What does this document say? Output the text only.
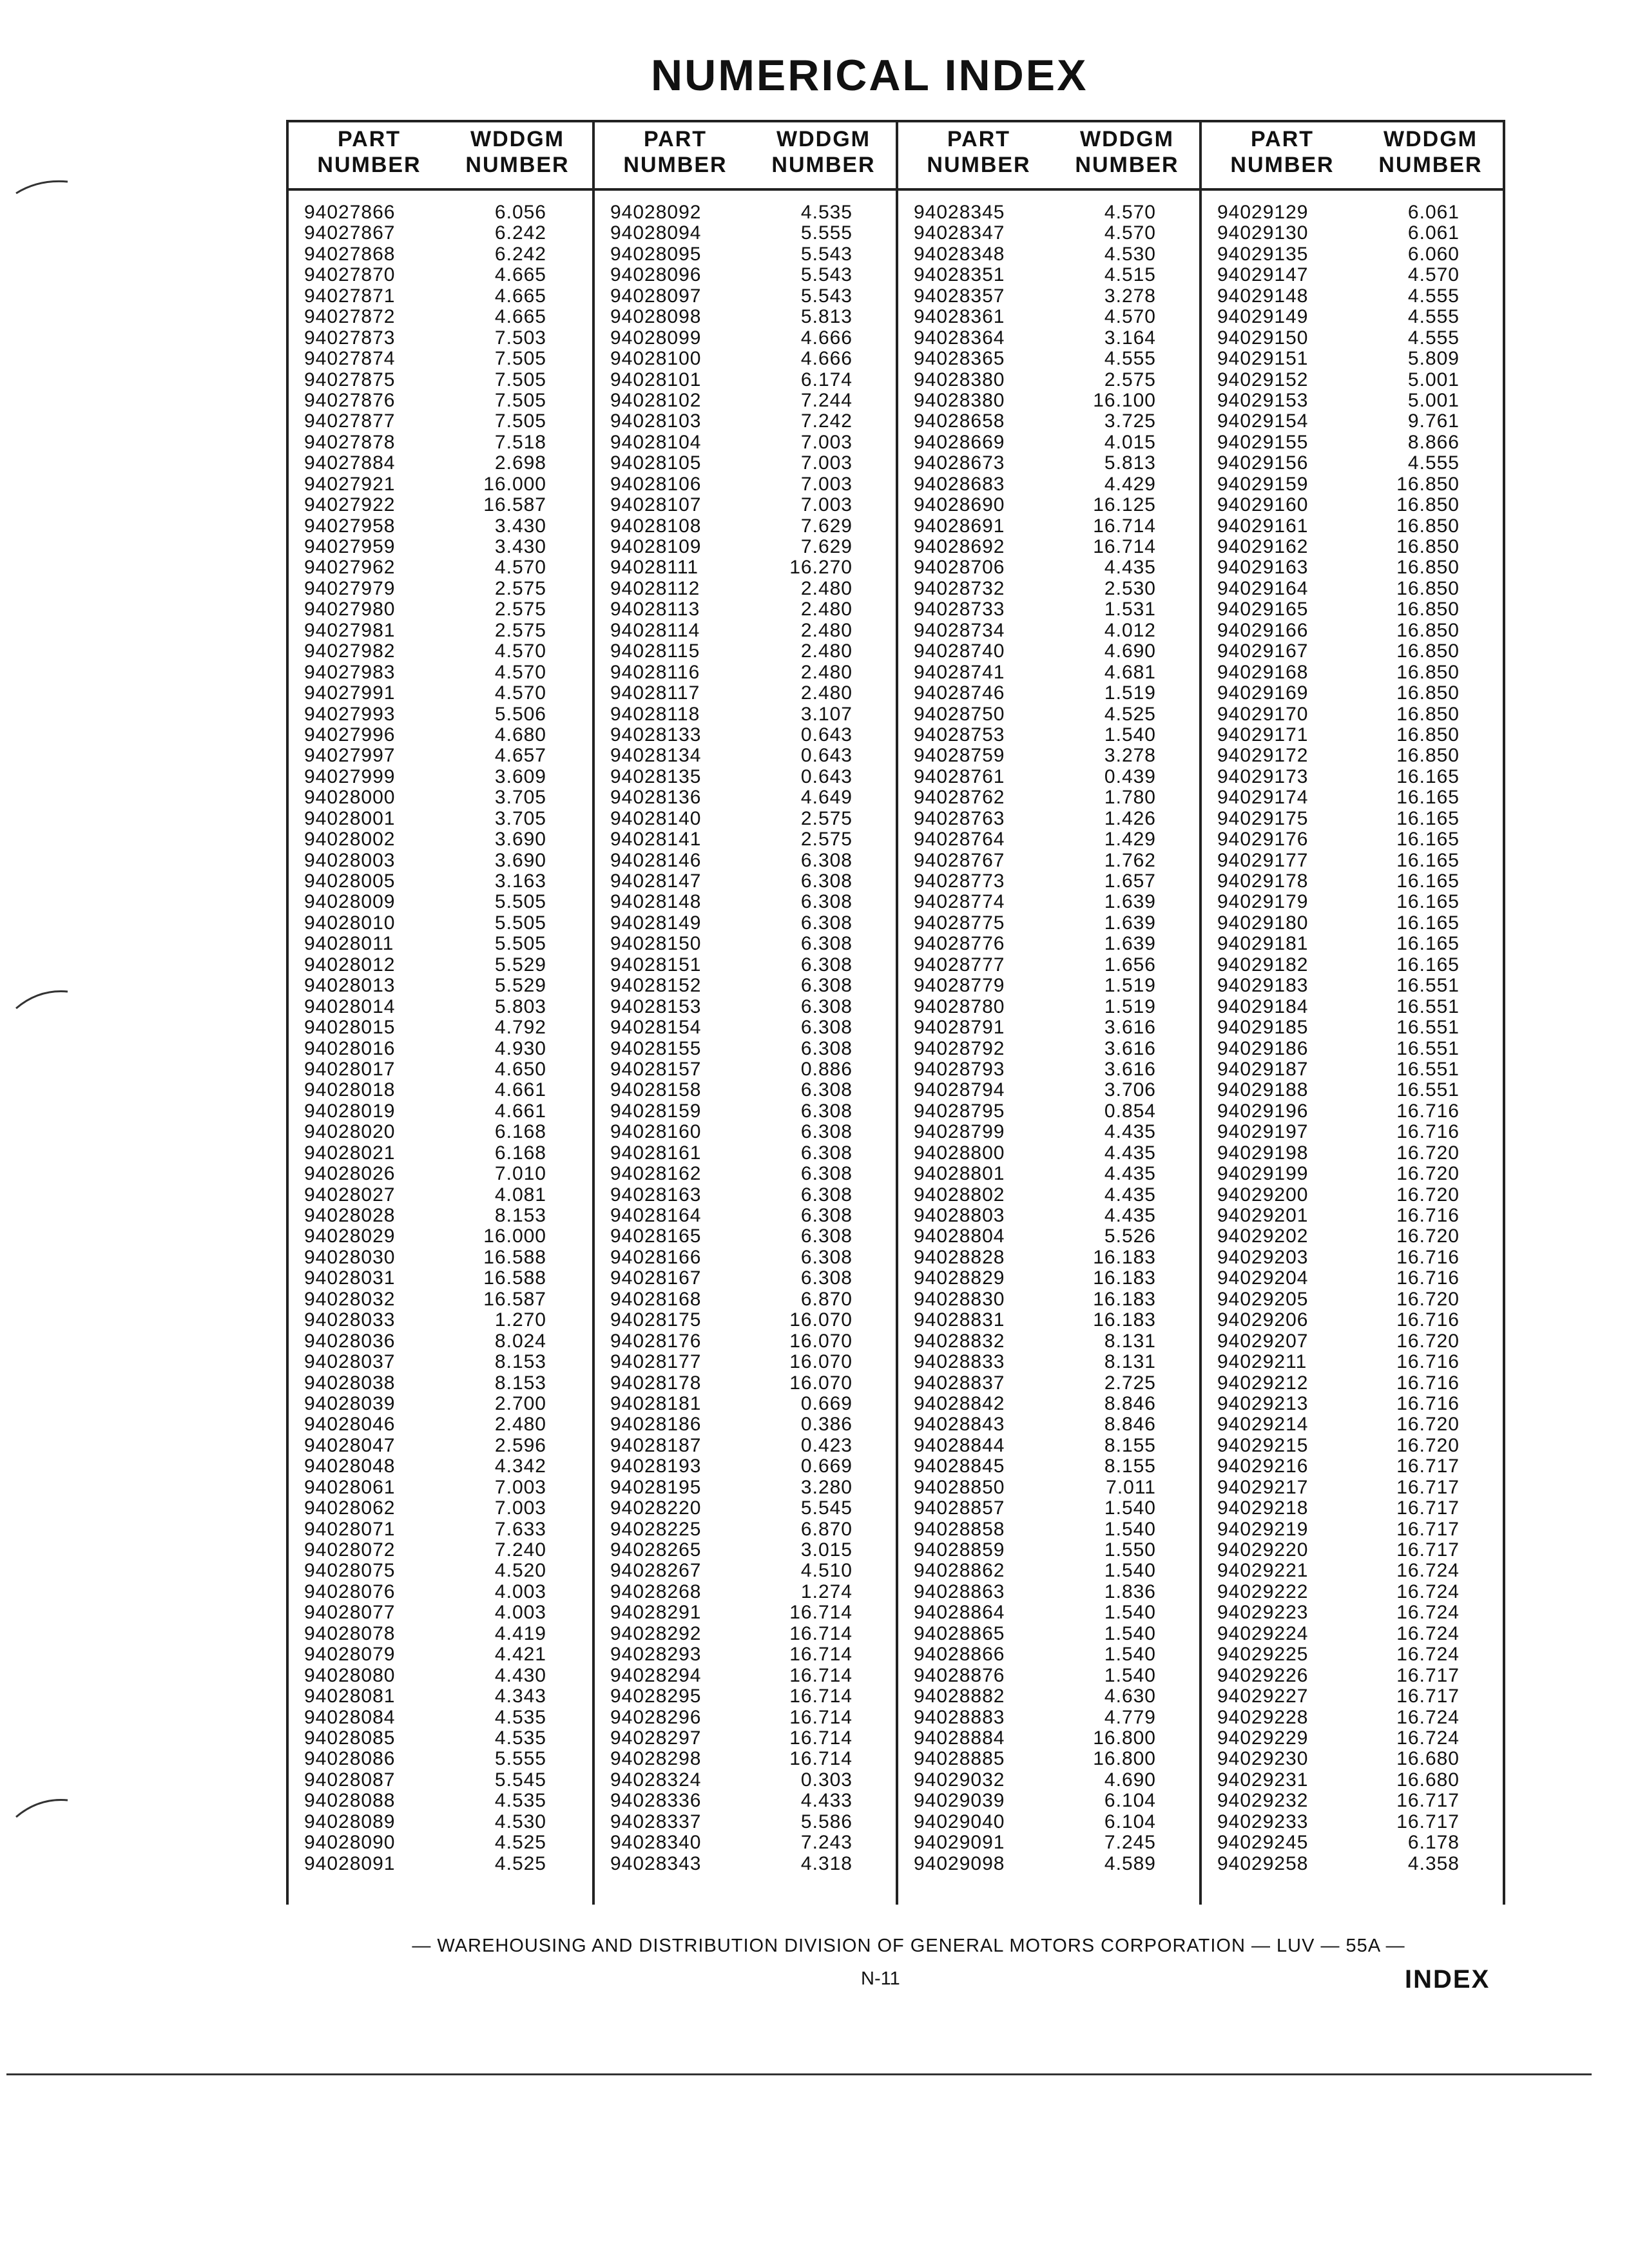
NUMERICAL INDEX
PART
NUMBER
WDDGM
NUMBER
PART
NUMBER
WDDGM
NUMBER
PART
NUMBER
WDDGM
NUMBER
PART
NUMBER
WDDGM
NUMBER
94027866	6.056
94027867	6.242
94027868	6.242
94027870	4.665
94027871	4.665
94027872	4.665
94027873	7.503
94027874	7.505
94027875	7.505
94027876	7.505
94027877	7.505
94027878	7.518
94027884	2.698
94027921	16.000
94027922	16.587
94027958	3.430
94027959	3.430
94027962	4.570
94027979	2.575
94027980	2.575
94027981	2.575
94027982	4.570
94027983	4.570
94027991	4.570
94027993	5.506
94027996	4.680
94027997	4.657
94027999	3.609
94028000	3.705
94028001	3.705
94028002	3.690
94028003	3.690
94028005	3.163
94028009	5.505
94028010	5.505
94028011	5.505
94028012	5.529
94028013	5.529
94028014	5.803
94028015	4.792
94028016	4.930
94028017	4.650
94028018	4.661
94028019	4.661
94028020	6.168
94028021	6.168
94028026	7.010
94028027	4.081
94028028	8.153
94028029	16.000
94028030	16.588
94028031	16.588
94028032	16.587
94028033	1.270
94028036	8.024
94028037	8.153
94028038	8.153
94028039	2.700
94028046	2.480
94028047	2.596
94028048	4.342
94028061	7.003
94028062	7.003
94028071	7.633
94028072	7.240
94028075	4.520
94028076	4.003
94028077	4.003
94028078	4.419
94028079	4.421
94028080	4.430
94028081	4.343
94028084	4.535
94028085	4.535
94028086	5.555
94028087	5.545
94028088	4.535
94028089	4.530
94028090	4.525
94028091	4.525
94028092	4.535
94028094	5.555
94028095	5.543
94028096	5.543
94028097	5.543
94028098	5.813
94028099	4.666
94028100	4.666
94028101	6.174
94028102	7.244
94028103	7.242
94028104	7.003
94028105	7.003
94028106	7.003
94028107	7.003
94028108	7.629
94028109	7.629
94028111	16.270
94028112	2.480
94028113	2.480
94028114	2.480
94028115	2.480
94028116	2.480
94028117	2.480
94028118	3.107
94028133	0.643
94028134	0.643
94028135	0.643
94028136	4.649
94028140	2.575
94028141	2.575
94028146	6.308
94028147	6.308
94028148	6.308
94028149	6.308
94028150	6.308
94028151	6.308
94028152	6.308
94028153	6.308
94028154	6.308
94028155	6.308
94028157	0.886
94028158	6.308
94028159	6.308
94028160	6.308
94028161	6.308
94028162	6.308
94028163	6.308
94028164	6.308
94028165	6.308
94028166	6.308
94028167	6.308
94028168	6.870
94028175	16.070
94028176	16.070
94028177	16.070
94028178	16.070
94028181	0.669
94028186	0.386
94028187	0.423
94028193	0.669
94028195	3.280
94028220	5.545
94028225	6.870
94028265	3.015
94028267	4.510
94028268	1.274
94028291	16.714
94028292	16.714
94028293	16.714
94028294	16.714
94028295	16.714
94028296	16.714
94028297	16.714
94028298	16.714
94028324	0.303
94028336	4.433
94028337	5.586
94028340	7.243
94028343	4.318
94028345	4.570
94028347	4.570
94028348	4.530
94028351	4.515
94028357	3.278
94028361	4.570
94028364	3.164
94028365	4.555
94028380	2.575
94028380	16.100
94028658	3.725
94028669	4.015
94028673	5.813
94028683	4.429
94028690	16.125
94028691	16.714
94028692	16.714
94028706	4.435
94028732	2.530
94028733	1.531
94028734	4.012
94028740	4.690
94028741	4.681
94028746	1.519
94028750	4.525
94028753	1.540
94028759	3.278
94028761	0.439
94028762	1.780
94028763	1.426
94028764	1.429
94028767	1.762
94028773	1.657
94028774	1.639
94028775	1.639
94028776	1.639
94028777	1.656
94028779	1.519
94028780	1.519
94028791	3.616
94028792	3.616
94028793	3.616
94028794	3.706
94028795	0.854
94028799	4.435
94028800	4.435
94028801	4.435
94028802	4.435
94028803	4.435
94028804	5.526
94028828	16.183
94028829	16.183
94028830	16.183
94028831	16.183
94028832	8.131
94028833	8.131
94028837	2.725
94028842	8.846
94028843	8.846
94028844	8.155
94028845	8.155
94028850	7.011
94028857	1.540
94028858	1.540
94028859	1.550
94028862	1.540
94028863	1.836
94028864	1.540
94028865	1.540
94028866	1.540
94028876	1.540
94028882	4.630
94028883	4.779
94028884	16.800
94028885	16.800
94029032	4.690
94029039	6.104
94029040	6.104
94029091	7.245
94029098	4.589
94029129	6.061
94029130	6.061
94029135	6.060
94029147	4.570
94029148	4.555
94029149	4.555
94029150	4.555
94029151	5.809
94029152	5.001
94029153	5.001
94029154	9.761
94029155	8.866
94029156	4.555
94029159	16.850
94029160	16.850
94029161	16.850
94029162	16.850
94029163	16.850
94029164	16.850
94029165	16.850
94029166	16.850
94029167	16.850
94029168	16.850
94029169	16.850
94029170	16.850
94029171	16.850
94029172	16.850
94029173	16.165
94029174	16.165
94029175	16.165
94029176	16.165
94029177	16.165
94029178	16.165
94029179	16.165
94029180	16.165
94029181	16.165
94029182	16.165
94029183	16.551
94029184	16.551
94029185	16.551
94029186	16.551
94029187	16.551
94029188	16.551
94029196	16.716
94029197	16.716
94029198	16.720
94029199	16.720
94029200	16.720
94029201	16.716
94029202	16.720
94029203	16.716
94029204	16.716
94029205	16.720
94029206	16.716
94029207	16.720
94029211	16.716
94029212	16.716
94029213	16.716
94029214	16.720
94029215	16.720
94029216	16.717
94029217	16.717
94029218	16.717
94029219	16.717
94029220	16.717
94029221	16.724
94029222	16.724
94029223	16.724
94029224	16.724
94029225	16.724
94029226	16.717
94029227	16.717
94029228	16.724
94029229	16.724
94029230	16.680
94029231	16.680
94029232	16.717
94029233	16.717
94029245	6.178
94029258	4.358
— WAREHOUSING AND DISTRIBUTION DIVISION OF GENERAL MOTORS CORPORATION — LUV — 55A —
N-11	INDEX
